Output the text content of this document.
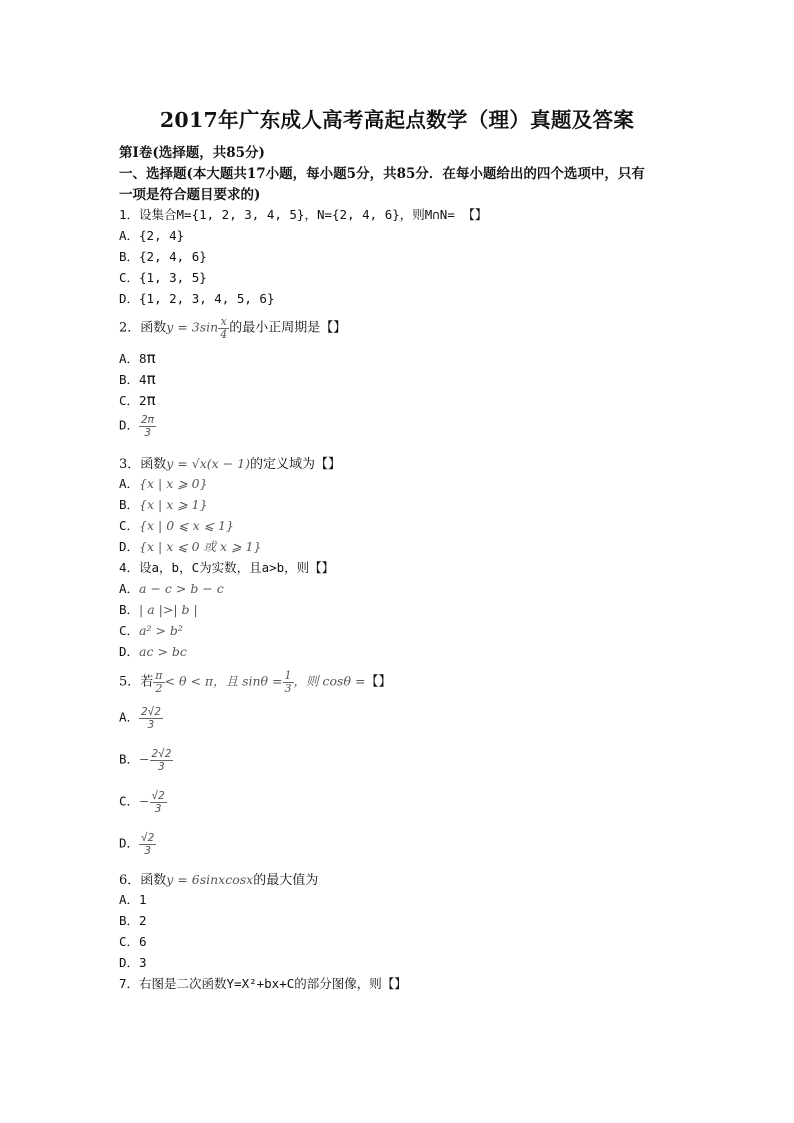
2017年广东成人高考高起点数学（理）真题及答案
第Ⅰ卷(选择题，共85分)
一、选择题(本大题共17小题，每小题5分，共85分．在每小题给出的四个选项中，只有
一项是符合题目要求的)
1．设集合M={1, 2, 3, 4, 5}，N={2, 4, 6}，则M∩N= 【】
A．{2, 4}
B．{2, 4, 6}
C．{1, 3, 5}
D．{1, 2, 3, 4, 5, 6}
2．函数$y = 3\sin \frac{x}{4}$ 的最小正周期是【】
A．8π
B．4π
C．2π
D． $\frac{2\pi}{3}$
3．函数y = √x(x − 1)的定义域为【】
A．{x | x ⩾ 0}
B．{x | x ⩾ 1}
C．{x | 0 ⩽ x ⩽ 1}
D．{x | x ⩽ 0 或 x ⩾ 1}
4．设a，b，C为实数，且a>b，则【】
A．a − c > b − c
B．| a |>| b |
C．a² > b²
D．ac > bc
5．若 $\frac{\pi}{2} < \theta < \pi$，且 $\sin\theta = \frac{1}{3}$ ，则 cosθ =【】
A． $\frac{2√2}{3}$
B．− $\frac{2√2}{3}$
C．− $\frac{√2}{3}$
D． $\frac{√2}{3}$
6．函数y = 6sinxcosx的最大值为
A．1
B．2
C．6
D．3
7．右图是二次函数Y=X²+bx+C的部分图像，则【】
